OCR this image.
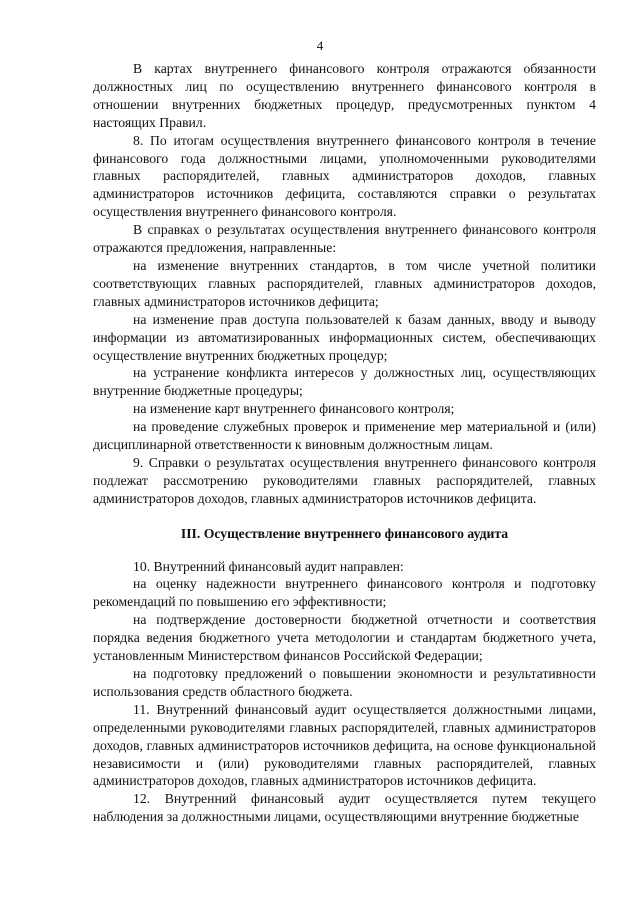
4

В картах внутреннего финансового контроля отражаются обязанности должностных лиц по осуществлению внутреннего финансового контроля в отношении внутренних бюджетных процедур, предусмотренных пунктом 4 настоящих Правил.

8. По итогам осуществления внутреннего финансового контроля в течение финансового года должностными лицами, уполномоченными руководителями главных распорядителей, главных администраторов доходов, главных администраторов источников дефицита, составляются справки о результатах осуществления внутреннего финансового контроля.

В справках о результатах осуществления внутреннего финансового контроля отражаются предложения, направленные:

на изменение внутренних стандартов, в том числе учетной политики соответствующих главных распорядителей, главных администраторов доходов, главных администраторов источников дефицита;

на изменение прав доступа пользователей к базам данных, вводу и выводу информации из автоматизированных информационных систем, обеспечивающих осуществление внутренних бюджетных процедур;

на устранение конфликта интересов у должностных лиц, осуществляющих внутренние бюджетные процедуры;

на изменение карт внутреннего финансового контроля;

на проведение служебных проверок и применение мер материальной и (или) дисциплинарной ответственности к виновным должностным лицам.

9. Справки о результатах осуществления внутреннего финансового контроля подлежат рассмотрению руководителями главных распорядителей, главных администраторов доходов, главных администраторов источников дефицита.

III. Осуществление внутреннего финансового аудита

10. Внутренний финансовый аудит направлен:

на оценку надежности внутреннего финансового контроля и подготовку рекомендаций по повышению его эффективности;

на подтверждение достоверности бюджетной отчетности и соответствия порядка ведения бюджетного учета методологии и стандартам бюджетного учета, установленным Министерством финансов Российской Федерации;

на подготовку предложений о повышении экономности и результативности использования средств областного бюджета.

11. Внутренний финансовый аудит осуществляется должностными лицами, определенными руководителями главных распорядителей, главных администраторов доходов, главных администраторов источников дефицита, на основе функциональной независимости и (или) руководителями главных распорядителей, главных администраторов доходов, главных администраторов источников дефицита.

12. Внутренний финансовый аудит осуществляется путем текущего наблюдения за должностными лицами, осуществляющими внутренние бюджетные
